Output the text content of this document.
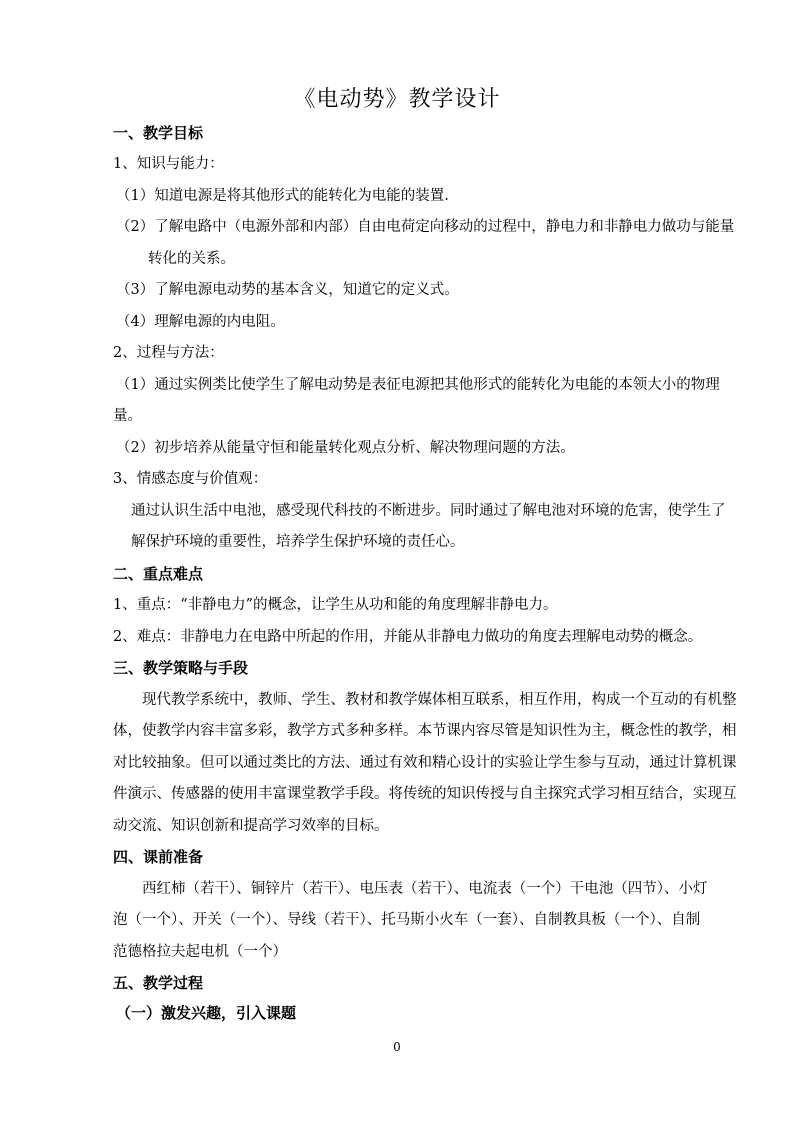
《电动势》教学设计
一、教学目标
1、知识与能力：
（1）知道电源是将其他形式的能转化为电能的装置.
（2）了解电路中（电源外部和内部）自由电荷定向移动的过程中，静电力和非静电力做功与能量
转化的关系。
（3）了解电源电动势的基本含义，知道它的定义式。
（4）理解电源的内电阻。
2、过程与方法：
（1）通过实例类比使学生了解电动势是表征电源把其他形式的能转化为电能的本领大小的物理
量。
（2）初步培养从能量守恒和能量转化观点分析、解决物理问题的方法。
3、情感态度与价值观：
通过认识生活中电池，感受现代科技的不断进步。同时通过了解电池对环境的危害，使学生了
解保护环境的重要性，培养学生保护环境的责任心。
二、重点难点
1、重点：“非静电力”的概念，让学生从功和能的角度理解非静电力。
2、难点：非静电力在电路中所起的作用，并能从非静电力做功的角度去理解电动势的概念。
三、教学策略与手段
现代教学系统中，教师、学生、教材和教学媒体相互联系，相互作用，构成一个互动的有机整
体，使教学内容丰富多彩，教学方式多种多样。本节课内容尽管是知识性为主，概念性的教学，相
对比较抽象。但可以通过类比的方法、通过有效和精心设计的实验让学生参与互动，通过计算机课
件演示、传感器的使用丰富课堂教学手段。将传统的知识传授与自主探究式学习相互结合，实现互
动交流、知识创新和提高学习效率的目标。
四、课前准备
西红柿（若干）、铜锌片（若干）、电压表（若干）、电流表（一个）干电池（四节）、小灯
泡（一个）、开关（一个）、导线（若干）、托马斯小火车（一套）、自制教具板（一个）、自制
范德格拉夫起电机（一个）
五、教学过程
（一）激发兴趣，引入课题
0
